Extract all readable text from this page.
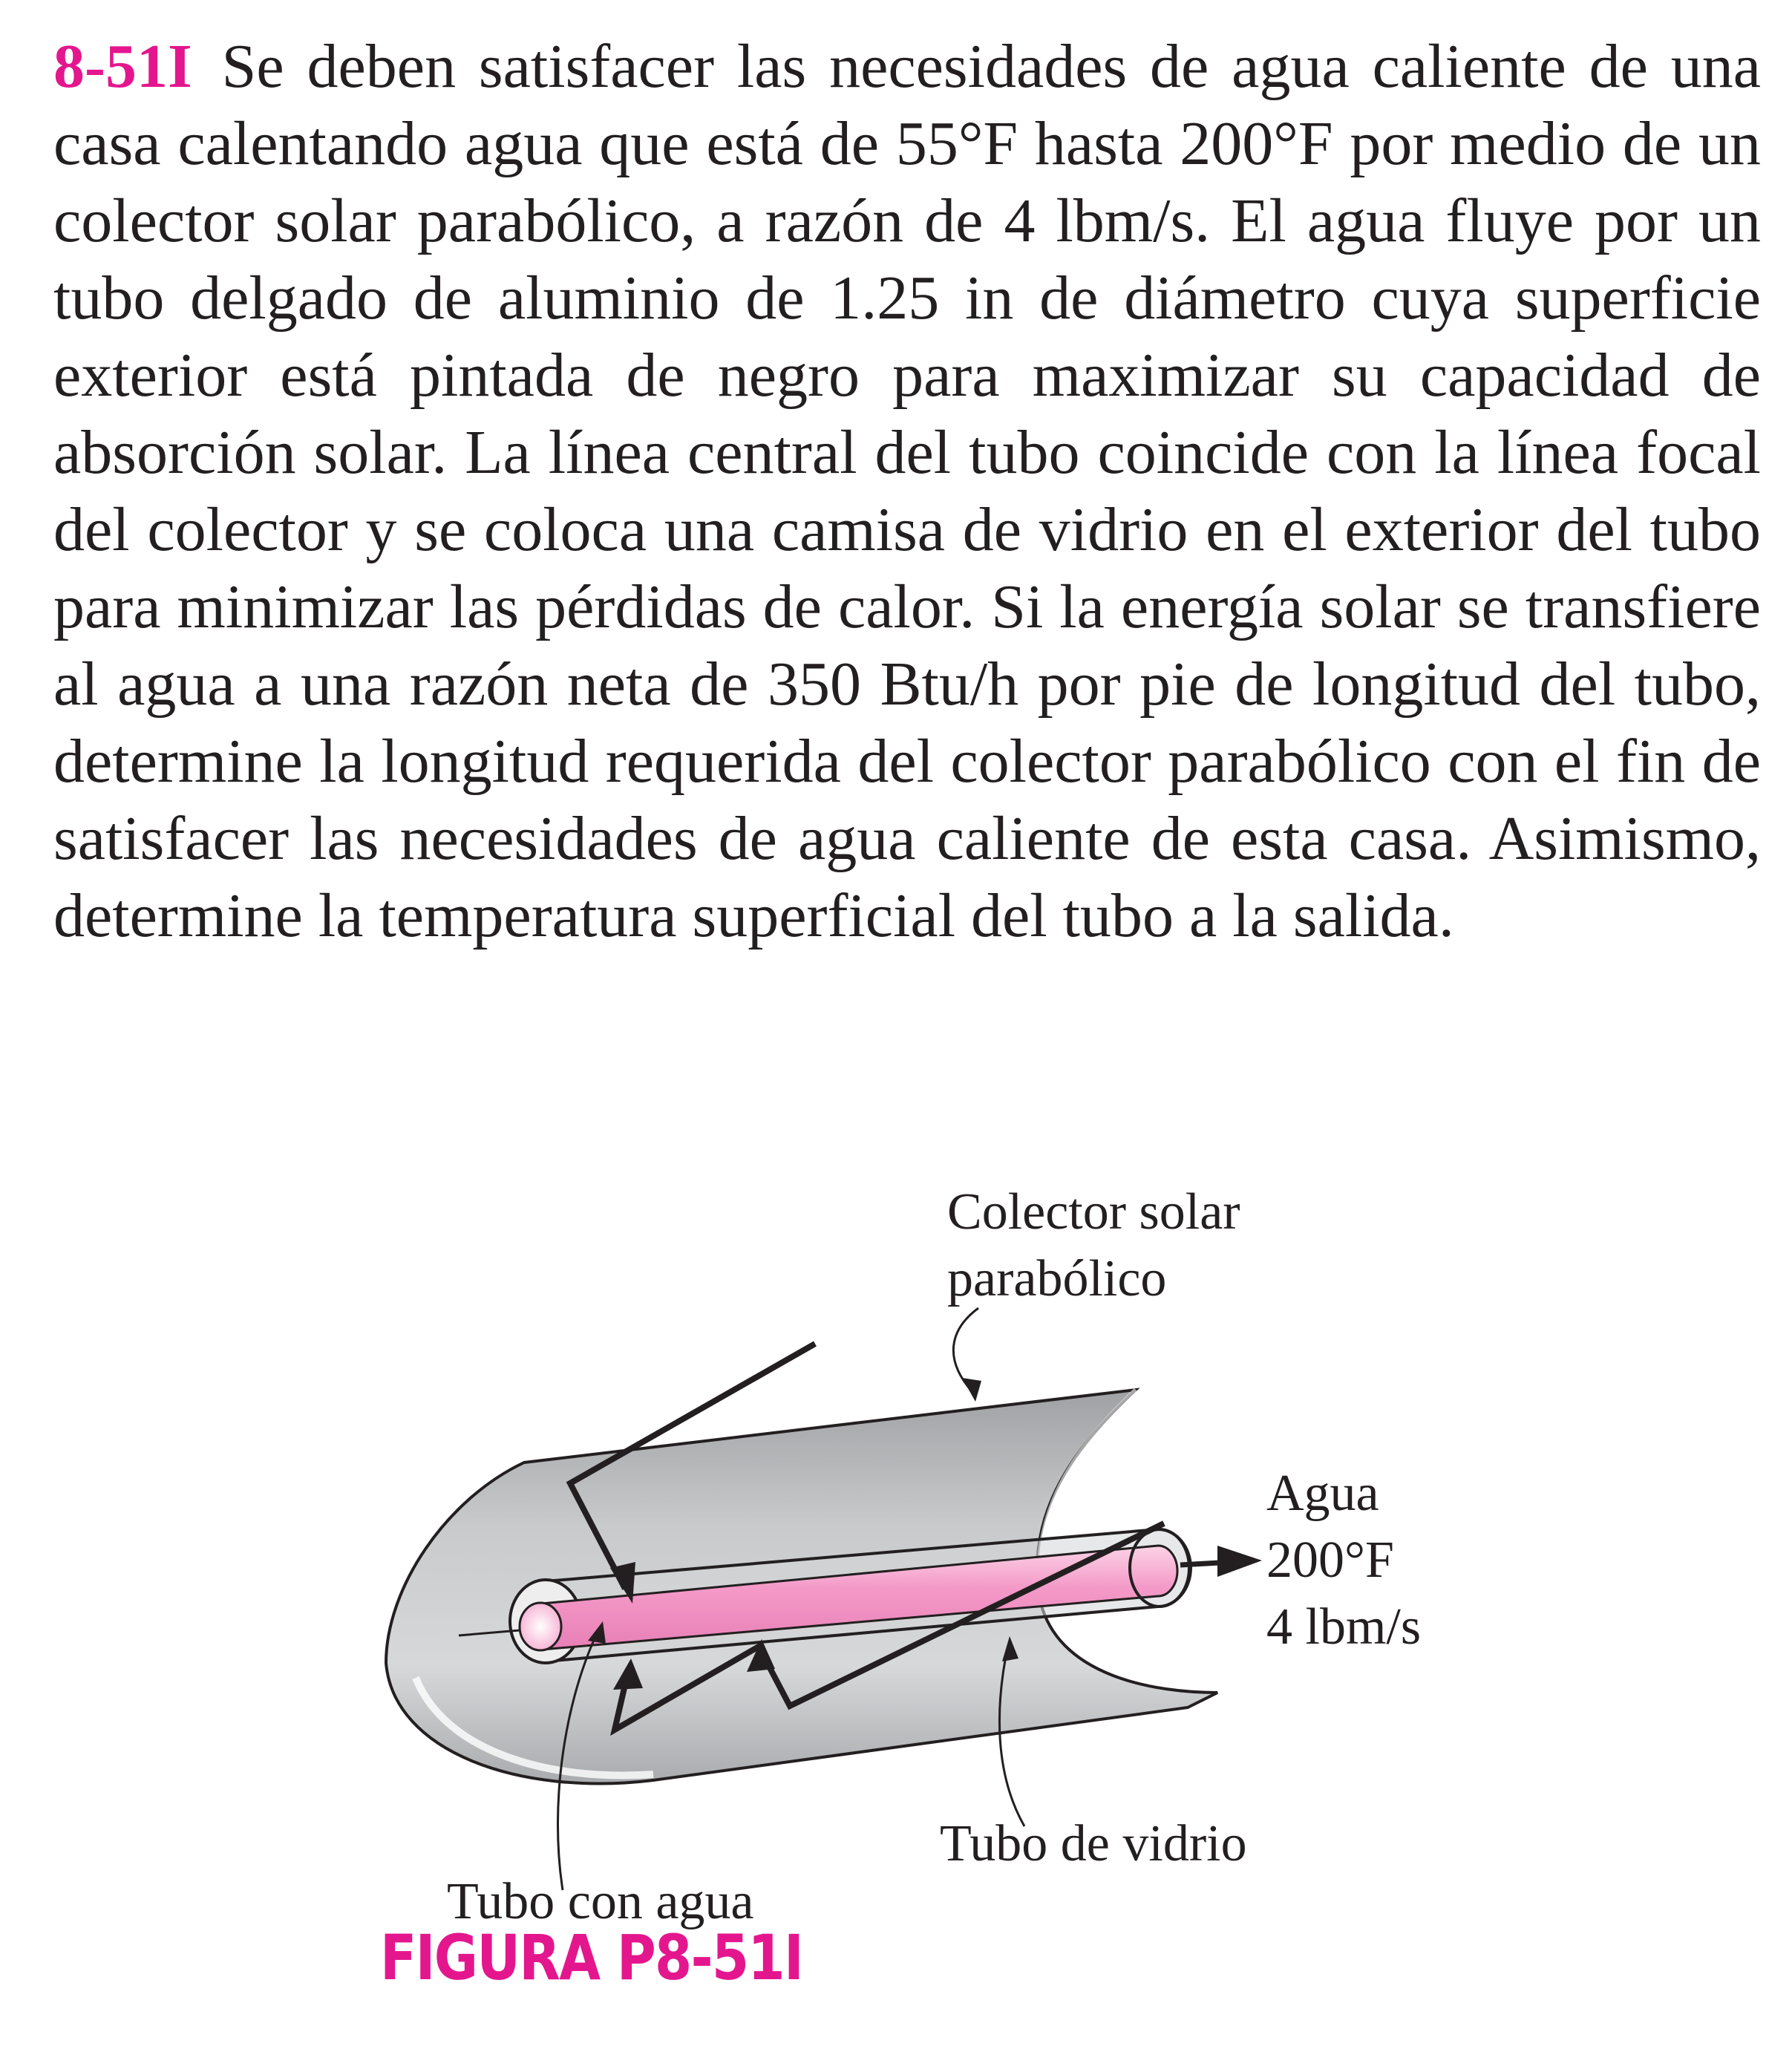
8-51I Se deben satisfacer las necesidades de agua caliente de una casa calentando agua que está de 55°F hasta 200°F por medio de un colector solar parabólico, a razón de 4 lbm/s. El agua fluye por un tubo delgado de aluminio de 1.25 in de diámetro cuya superficie exterior está pintada de negro para maximizar su capacidad de absorción solar. La línea central del tubo coincide con la línea focal del colector y se coloca una camisa de vidrio en el exterior del tubo para minimizar las pérdidas de calor. Si la energía solar se transfiere al agua a una razón neta de 350 Btu/h por pie de longitud del tubo, determine la longitud requerida del colector parabólico con el fin de satisfacer las necesidades de agua caliente de esta casa. Asimismo, determine la temperatura superficial del tubo a la salida.

Colector solar
parabólico
Agua
200°F
4 lbm/s
Tubo de vidrio
Tubo con agua
FIGURA P8-51I
